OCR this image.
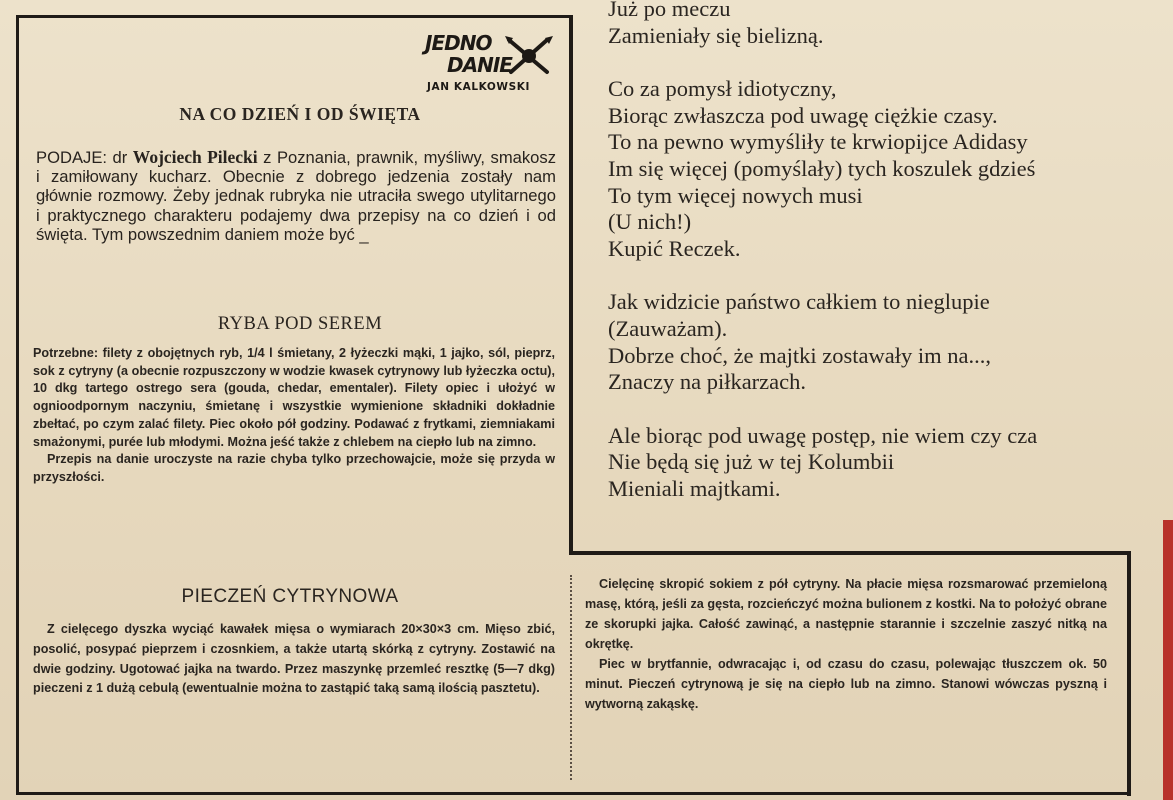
Już po meczu
Zamieniały się bielizną.
Co za pomysł idiotyczny,
Biorąc zwłaszcza pod uwagę ciężkie czasy.
To na pewno wymyśliły te krwiopijce Adidasy
Im się więcej (pomyślały) tych koszulek gdzieś
To tym więcej nowych musi
(U nich!)
Kupić Reczek.
Jak widzicie państwo całkiem to nieglupie
(Zauważam).
Dobrze choć, że majtki zostawały im na...,
Znaczy na piłkarzach.
Ale biorąc pod uwagę postęp, nie wiem czy cza
Nie będą się już w tej Kolumbii
Mieniali majtkami.
JEDNO
DANIE
JAN KALKOWSKI
NA CO DZIEŃ I OD ŚWIĘTA
PODAJE: dr Wojciech Pilecki z Poznania, prawnik, myśliwy, smakosz i zamiłowany kucharz. Obecnie z dobrego jedzenia zostały nam głównie rozmowy. Żeby jednak rubryka nie utraciła swego utylitarnego i praktycznego charakteru podajemy dwa przepisy na co dzień i od święta. Tym powszednim daniem może być _
RYBA POD SEREM

Potrzebne: filety z obojętnych ryb, 1/4 l śmietany, 2 łyżeczki mąki, 1 jajko, sól, pieprz, sok z cytryny (a obecnie rozpuszczony w wodzie kwasek cytrynowy lub łyżeczka octu), 10 dkg tartego ostrego sera (gouda, chedar, ementaler). Filety opiec i ułożyć w ognioodpornym naczyniu, śmietanę i wszystkie wymienione składniki dokładnie zbełtać, po czym zalać filety. Piec około pół godziny. Podawać z frytkami, ziemniakami smażonymi, purée lub młodymi. Można jeść także z chlebem na ciepło lub na zimno.

Przepis na danie uroczyste na razie chyba tylko przechowajcie, może się przyda w przyszłości.

PIECZEŃ CYTRYNOWA

Z cielęcego dyszka wyciąć kawałek mięsa o wymiarach 20×30×3 cm. Mięso zbić, posolić, posypać pieprzem i czosnkiem, a także utartą skórką z cytryny. Zostawić na dwie godziny. Ugotować jajka na twardo. Przez maszynkę przemleć resztkę (5—7 dkg) pieczeni z 1 dużą cebulą (ewentualnie można to zastąpić taką samą ilością pasztetu).

Cielęcinę skropić sokiem z pół cytryny. Na płacie mięsa rozsmarować przemieloną masę, którą, jeśli za gęsta, rozcieńczyć można bulionem z kostki. Na to położyć obrane ze skorupki jajka. Całość zawinąć, a następnie starannie i szczelnie zaszyć nitką na okrętkę.

Piec w brytfannie, odwracając i, od czasu do czasu, polewając tłuszczem ok. 50 minut. Pieczeń cytrynową je się na ciepło lub na zimno. Stanowi wówczas pyszną i wytworną zakąskę.
